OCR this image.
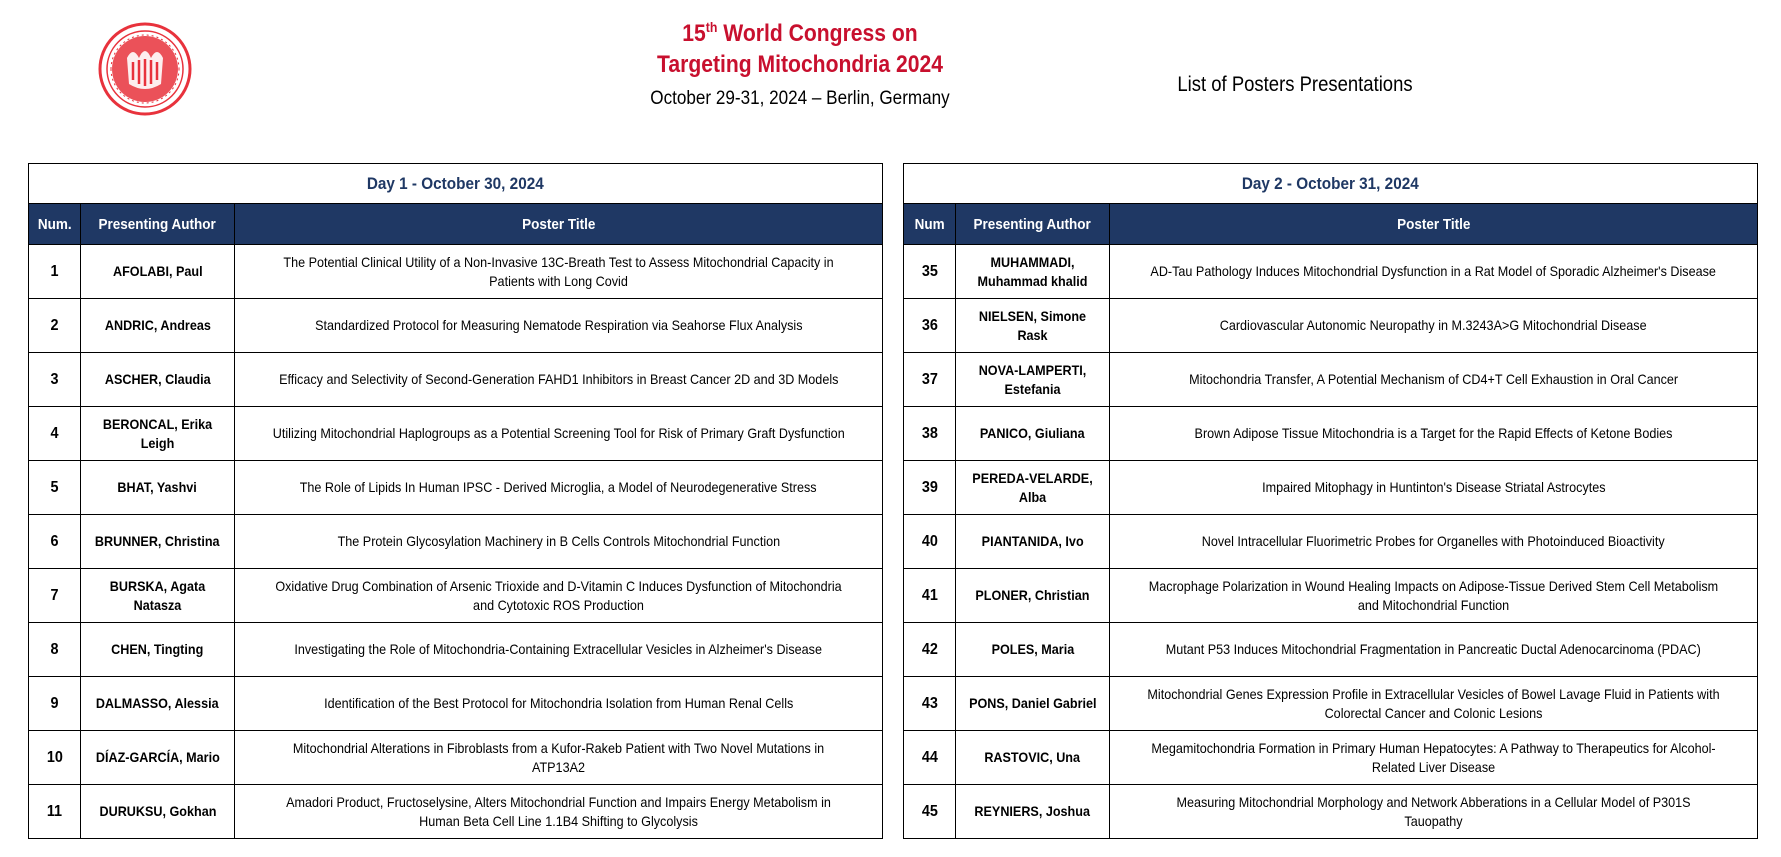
15th World Congress on
Targeting Mitochondria 2024
October 29-31, 2024 – Berlin, Germany
List of Posters Presentations
Day 1 - October 30, 2024		
Num.	Presenting Author	Poster Title
1	AFOLABI, Paul	The Potential Clinical Utility of a Non-Invasive 13C-Breath Test to Assess Mitochondrial Capacity in Patients with Long Covid
2	ANDRIC, Andreas	Standardized Protocol for Measuring Nematode Respiration via Seahorse Flux Analysis
3	ASCHER, Claudia	Efficacy and Selectivity of Second-Generation FAHD1 Inhibitors in Breast Cancer 2D and 3D Models
4	BERONCAL, Erika Leigh	Utilizing Mitochondrial Haplogroups as a Potential Screening Tool for Risk of Primary Graft Dysfunction
5	BHAT, Yashvi	The Role of Lipids In Human IPSC - Derived Microglia, a Model of Neurodegenerative Stress
6	BRUNNER, Christina	The Protein Glycosylation Machinery in B Cells Controls Mitochondrial Function
7	BURSKA, Agata Natasza	Oxidative Drug Combination of Arsenic Trioxide and D-Vitamin C Induces Dysfunction of Mitochondria and Cytotoxic ROS Production
8	CHEN, Tingting	Investigating the Role of Mitochondria-Containing Extracellular Vesicles in Alzheimer's Disease
9	DALMASSO, Alessia	Identification of the Best Protocol for Mitochondria Isolation from Human Renal Cells
10	DÍAZ-GARCÍA, Mario	Mitochondrial Alterations in Fibroblasts from a Kufor-Rakeb Patient with Two Novel Mutations in ATP13A2
11	DURUKSU, Gokhan	Amadori Product, Fructoselysine, Alters Mitochondrial Function and Impairs Energy Metabolism in Human Beta Cell Line 1.1B4 Shifting to Glycolysis
Day 2 - October 31, 2024		
Num	Presenting Author	Poster Title
35	MUHAMMADI, Muhammad khalid	AD-Tau Pathology Induces Mitochondrial Dysfunction in a Rat Model of Sporadic Alzheimer's Disease
36	NIELSEN, Simone Rask	Cardiovascular Autonomic Neuropathy in M.3243A>G Mitochondrial Disease
37	NOVA-LAMPERTI, Estefania	Mitochondria Transfer, A Potential Mechanism of CD4+T Cell Exhaustion in Oral Cancer
38	PANICO, Giuliana	Brown Adipose Tissue Mitochondria is a Target for the Rapid Effects of Ketone Bodies
39	PEREDA-VELARDE, Alba	Impaired Mitophagy in Huntinton's Disease Striatal Astrocytes
40	PIANTANIDA, Ivo	Novel Intracellular Fluorimetric Probes for Organelles with Photoinduced Bioactivity
41	PLONER, Christian	Macrophage Polarization in Wound Healing Impacts on Adipose-Tissue Derived Stem Cell Metabolism and Mitochondrial Function
42	POLES, Maria	Mutant P53 Induces Mitochondrial Fragmentation in Pancreatic Ductal Adenocarcinoma (PDAC)
43	PONS, Daniel Gabriel	Mitochondrial Genes Expression Profile in Extracellular Vesicles of Bowel Lavage Fluid in Patients with Colorectal Cancer and Colonic Lesions
44	RASTOVIC, Una	Megamitochondria Formation in Primary Human Hepatocytes: A Pathway to Therapeutics for Alcohol-Related Liver Disease
45	REYNIERS, Joshua	Measuring Mitochondrial Morphology and Network Abberations in a Cellular Model of P301S Tauopathy
